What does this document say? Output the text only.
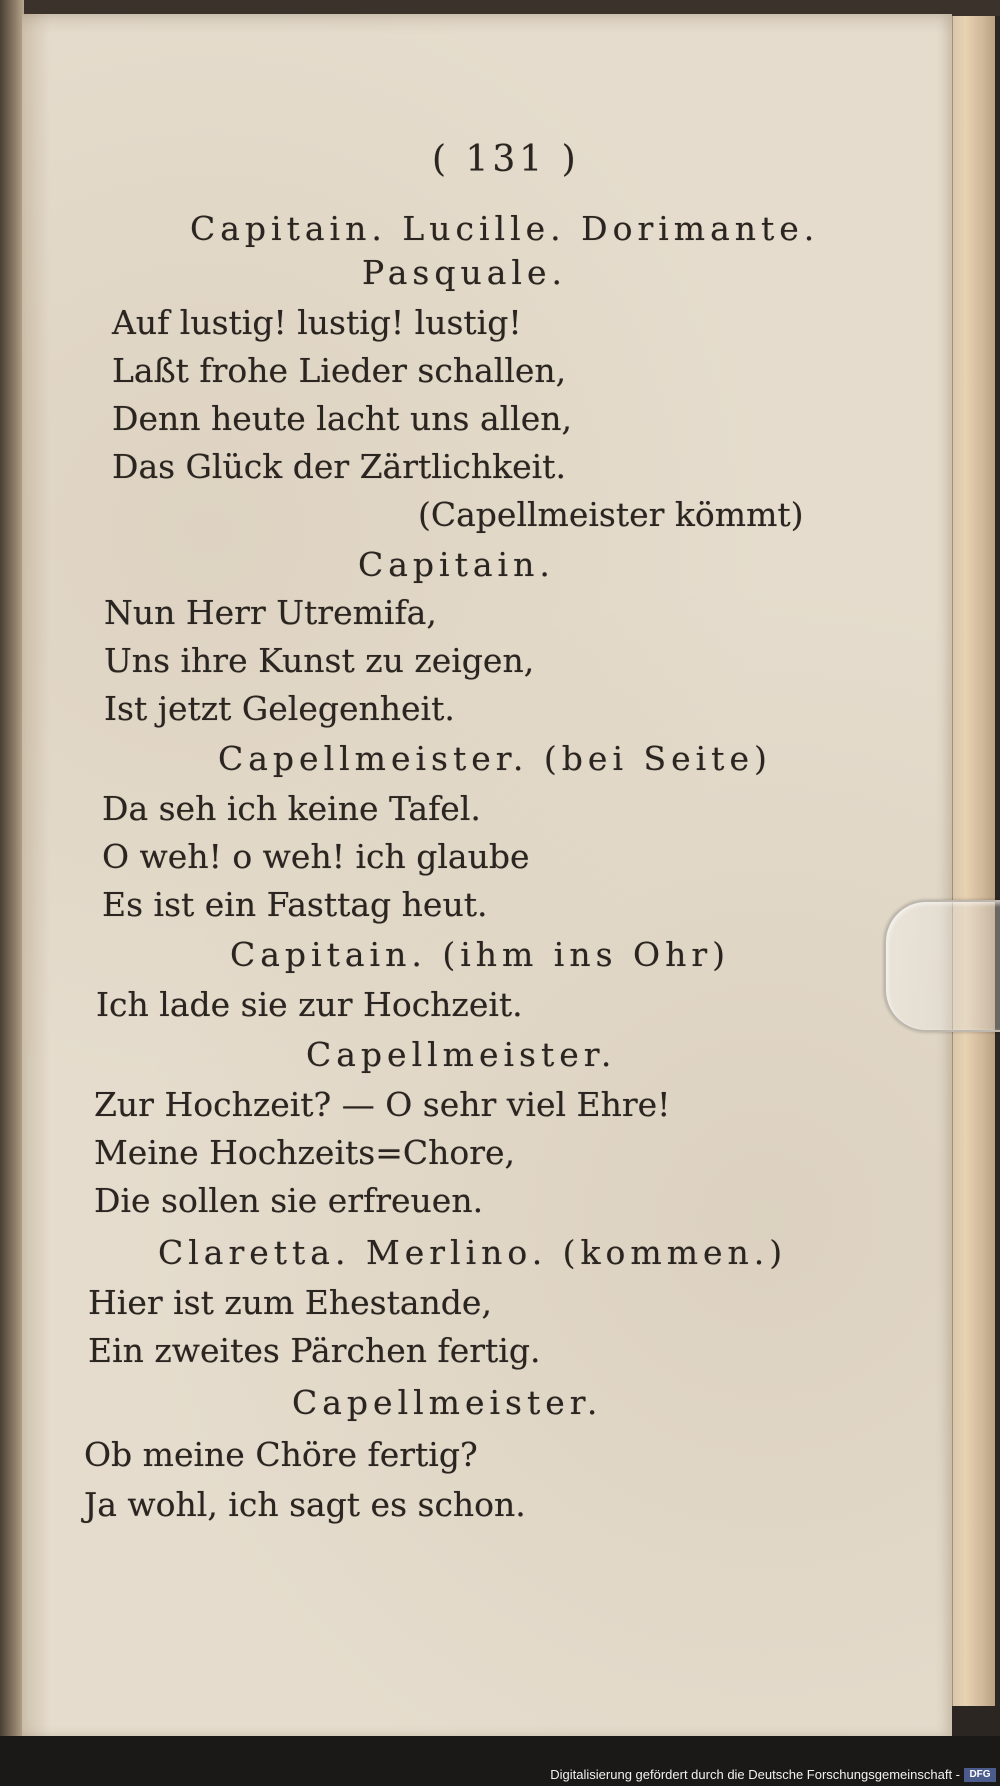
( 131 )
Capitain. Lucille. Dorimante.
Pasquale.
Auf lustig! lustig! lustig!
Laßt frohe Lieder schallen,
Denn heute lacht uns allen,
Das Glück der Zärtlichkeit.
(Capellmeister kömmt)
Capitain.
Nun Herr Utremifa,
Uns ihre Kunst zu zeigen,
Ist jetzt Gelegenheit.
Capellmeister. (bei Seite)
Da seh ich keine Tafel.
O weh! o weh! ich glaube
Es ist ein Fasttag heut.
Capitain. (ihm ins Ohr)
Ich lade sie zur Hochzeit.
Capellmeister.
Zur Hochzeit? — O sehr viel Ehre!
Meine Hochzeits=Chore,
Die sollen sie erfreuen.
Claretta. Merlino. (kommen.)
Hier ist zum Ehestande,
Ein zweites Pärchen fertig.
Capellmeister.
Ob meine Chöre fertig?
Ja wohl, ich sagt es schon.
Digitalisierung gefördert durch die Deutsche Forschungsgemeinschaft - DFG
